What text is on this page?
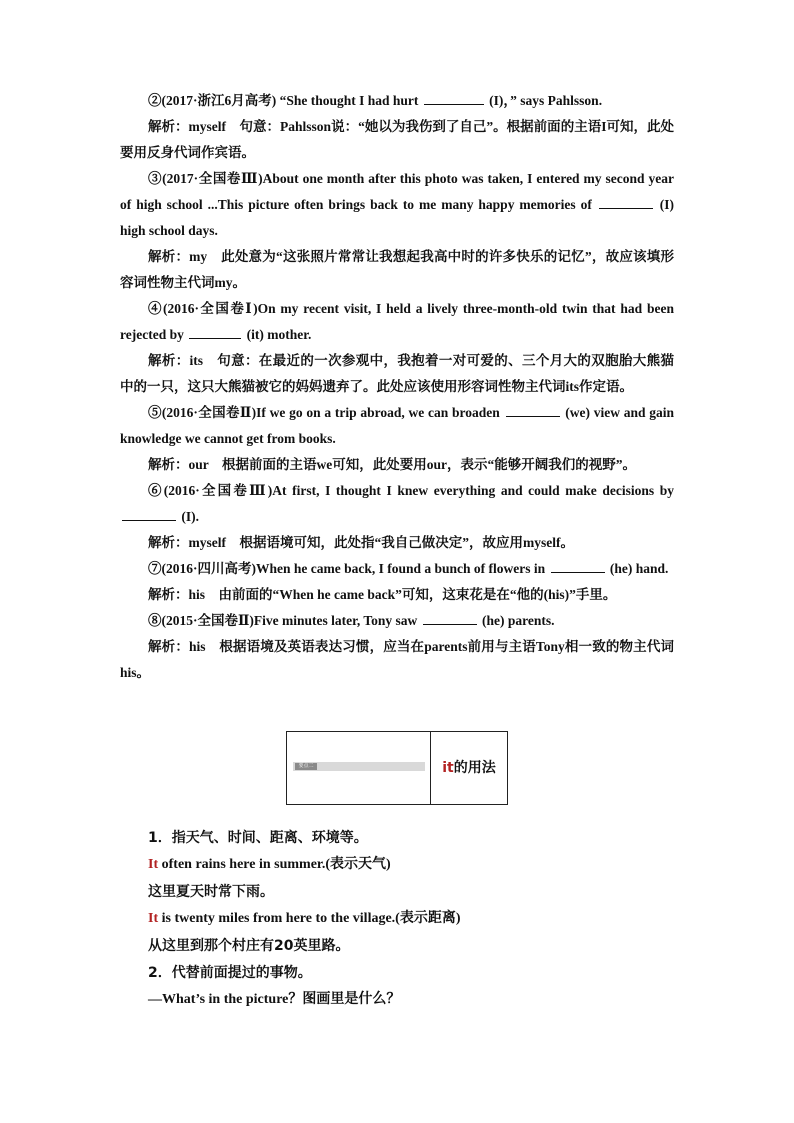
②(2017·浙江6月高考) “She thought I had hurt	(I)，” says Pahlsson.
解析：myself　句意：Pahlsson说：“她以为我伤到了自己”。根据前面的主语I可知，此处要用反身代词作宾语。
③(2017·全国卷Ⅲ)About one month after this photo was taken, I entered my second year of high school ...This picture often brings back to me many happy memories of	(I) high school days.
解析：my　此处意为“这张照片常常让我想起我高中时的许多快乐的记忆”，故应该填形容词性物主代词my。
④(2016·全国卷Ⅰ)On my recent visit, I held a lively three-month-old twin that had been rejected by	(it) mother.
解析：its　句意：在最近的一次参观中，我抱着一对可爱的、三个月大的双胞胎大熊猫中的一只，这只大熊猫被它的妈妈遗弃了。此处应该使用形容词性物主代词its作定语。
⑤(2016·全国卷Ⅱ)If we go on a trip abroad, we can broaden	(we) view and gain knowledge we cannot get from books.
解析：our　根据前面的主语we可知，此处要用our，表示“能够开阔我们的视野”。
⑥(2016·全国卷Ⅲ)At first, I thought I knew everything and could make decisions by  (I).
解析：myself　根据语境可知，此处指“我自己做决定”，故应用myself。
⑦(2016·四川高考)When he came back, I found a bunch of flowers in	(he) hand.
解析：his　由前面的“When he came back”可知，这束花是在“他的(his)”手里。
⑧(2015·全国卷Ⅱ)Five minutes later, Tony saw	(he) parents.
解析：his　根据语境及英语表达习惯，应当在parents前用与主语Tony相一致的物主代词his。
要点二	it的用法
1．指天气、时间、距离、环境等。
It often rains here in summer.(表示天气)
这里夏天时常下雨。
It is twenty miles from here to the village.(表示距离)
从这里到那个村庄有20英里路。
2．代替前面提过的事物。
—What’s in the picture？图画里是什么？
